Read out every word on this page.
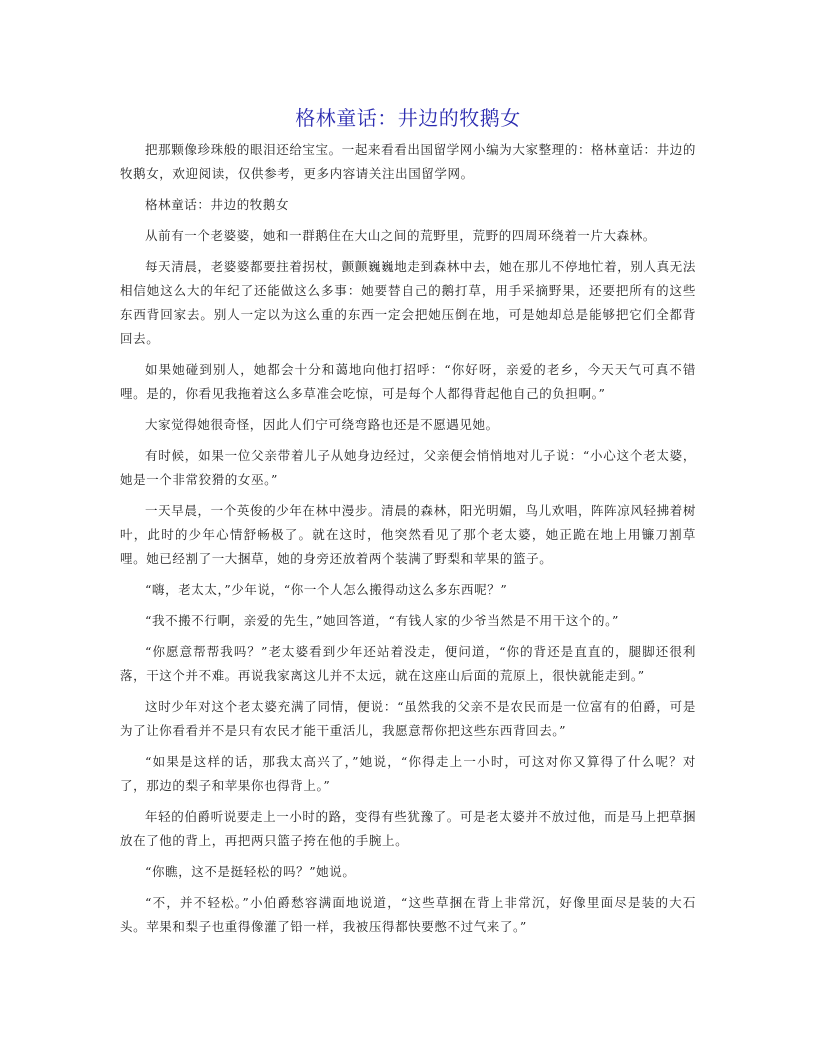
格林童话：井边的牧鹅女

把那颗像珍珠般的眼泪还给宝宝。一起来看看出国留学网小编为大家整理的：格林童话：井边的牧鹅女，欢迎阅读，仅供参考，更多内容请关注出国留学网。

格林童话：井边的牧鹅女

从前有一个老婆婆，她和一群鹅住在大山之间的荒野里，荒野的四周环绕着一片大森林。

每天清晨，老婆婆都要拄着拐杖，颤颤巍巍地走到森林中去，她在那儿不停地忙着，别人真无法相信她这么大的年纪了还能做这么多事：她要替自己的鹅打草，用手采摘野果，还要把所有的这些东西背回家去。别人一定以为这么重的东西一定会把她压倒在地，可是她却总是能够把它们全都背回去。

如果她碰到别人，她都会十分和蔼地向他打招呼：“你好呀，亲爱的老乡，今天天气可真不错哩。是的，你看见我拖着这么多草准会吃惊，可是每个人都得背起他自己的负担啊。”

大家觉得她很奇怪，因此人们宁可绕弯路也还是不愿遇见她。

有时候，如果一位父亲带着儿子从她身边经过，父亲便会悄悄地对儿子说：“小心这个老太婆，她是一个非常狡猾的女巫。”

一天早晨，一个英俊的少年在林中漫步。清晨的森林，阳光明媚，鸟儿欢唱，阵阵凉风轻拂着树叶，此时的少年心情舒畅极了。就在这时，他突然看见了那个老太婆，她正跪在地上用镰刀割草哩。她已经割了一大捆草，她的身旁还放着两个装满了野梨和苹果的篮子。

“嗨，老太太，”少年说，“你一个人怎么搬得动这么多东西呢？”

“我不搬不行啊，亲爱的先生，”她回答道，“有钱人家的少爷当然是不用干这个的。”

“你愿意帮帮我吗？”老太婆看到少年还站着没走，便问道，“你的背还是直直的，腿脚还很利落，干这个并不难。再说我家离这儿并不太远，就在这座山后面的荒原上，很快就能走到。”

这时少年对这个老太婆充满了同情，便说：“虽然我的父亲不是农民而是一位富有的伯爵，可是为了让你看看并不是只有农民才能干重活儿，我愿意帮你把这些东西背回去。”

“如果是这样的话，那我太高兴了，”她说，“你得走上一小时，可这对你又算得了什么呢？对了，那边的梨子和苹果你也得背上。”

年轻的伯爵听说要走上一小时的路，变得有些犹豫了。可是老太婆并不放过他，而是马上把草捆放在了他的背上，再把两只篮子挎在他的手腕上。

“你瞧，这不是挺轻松的吗？”她说。

“不，并不轻松。”小伯爵愁容满面地说道，“这些草捆在背上非常沉，好像里面尽是装的大石头。苹果和梨子也重得像灌了铅一样，我被压得都快要憋不过气来了。”
